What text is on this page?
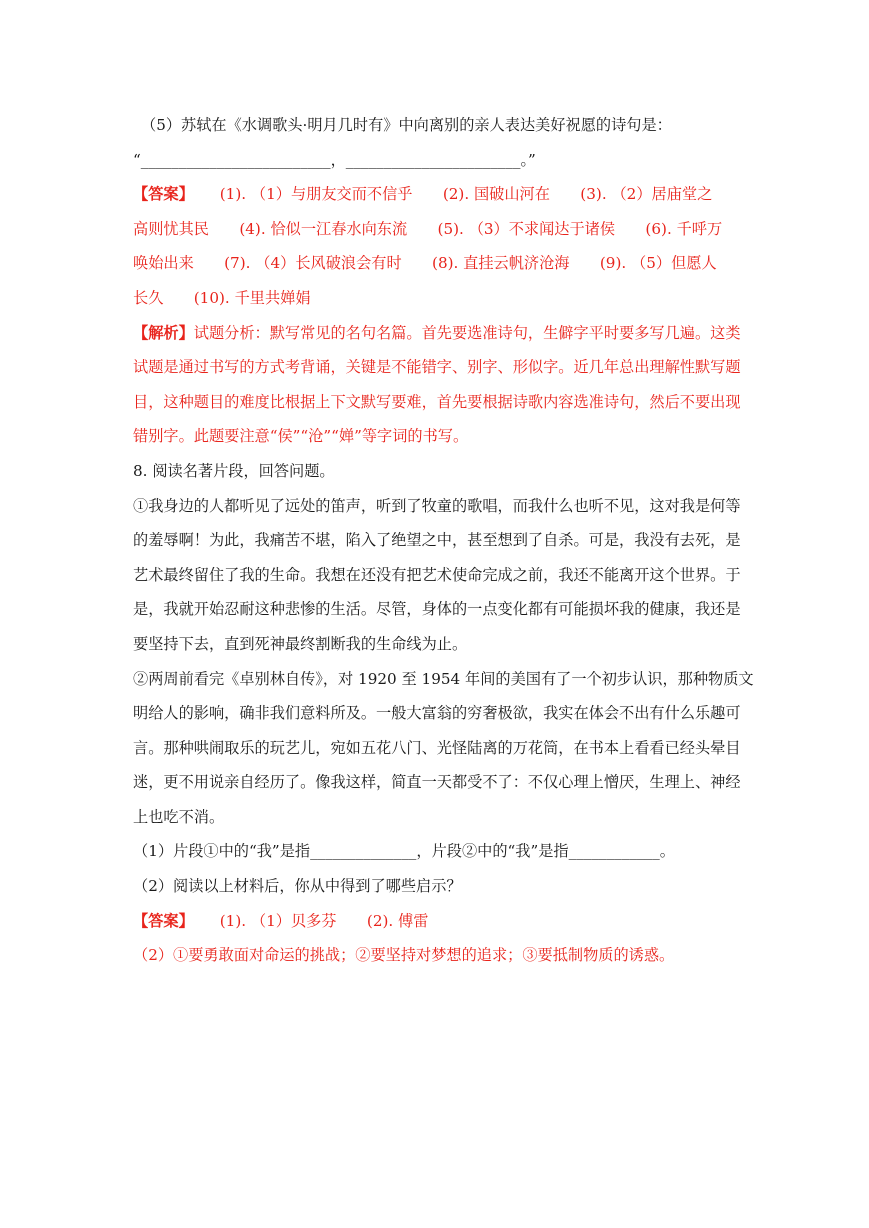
（5）苏轼在《水调歌头·明月几时有》中向离别的亲人表达美好祝愿的诗句是：
“_________________________，_______________________。”
【答案】 (1). （1）与朋友交而不信乎　　(2). 国破山河在　　(3). （2）居庙堂之
高则忧其民　　(4). 恰似一江春水向东流　　(5). （3）不求闻达于诸侯　　(6). 千呼万
唤始出来　　(7). （4）长风破浪会有时　　(8). 直挂云帆济沧海　　(9). （5）但愿人
长久　　(10). 千里共婵娟
【解析】试题分析：默写常见的名句名篇。首先要选准诗句，生僻字平时要多写几遍。这类
试题是通过书写的方式考背诵，关键是不能错字、别字、形似字。近几年总出理解性默写题
目，这种题目的难度比根据上下文默写要难，首先要根据诗歌内容选准诗句，然后不要出现
错别字。此题要注意“侯”“沧”“婵”等字词的书写。
8. 阅读名著片段，回答问题。
①我身边的人都听见了远处的笛声，听到了牧童的歌唱，而我什么也听不见，这对我是何等
的羞辱啊！为此，我痛苦不堪，陷入了绝望之中，甚至想到了自杀。可是，我没有去死，是
艺术最终留住了我的生命。我想在还没有把艺术使命完成之前，我还不能离开这个世界。于
是，我就开始忍耐这种悲惨的生活。尽管，身体的一点变化都有可能损坏我的健康，我还是
要坚持下去，直到死神最终割断我的生命线为止。
②两周前看完《卓别林自传》，对 1920 至 1954 年间的美国有了一个初步认识，那种物质文
明给人的影响，确非我们意料所及。一般大富翁的穷奢极欲，我实在体会不出有什么乐趣可
言。那种哄闹取乐的玩艺儿，宛如五花八门、光怪陆离的万花筒，在书本上看看已经头晕目
迷，更不用说亲自经历了。像我这样，简直一天都受不了：不仅心理上憎厌，生理上、神经
上也吃不消。
（1）片段①中的“我”是指______________，片段②中的“我”是指____________。
（2）阅读以上材料后，你从中得到了哪些启示？
【答案】 (1). （1）贝多芬　　(2). 傅雷
（2）①要勇敢面对命运的挑战；②要坚持对梦想的追求；③要抵制物质的诱惑。
